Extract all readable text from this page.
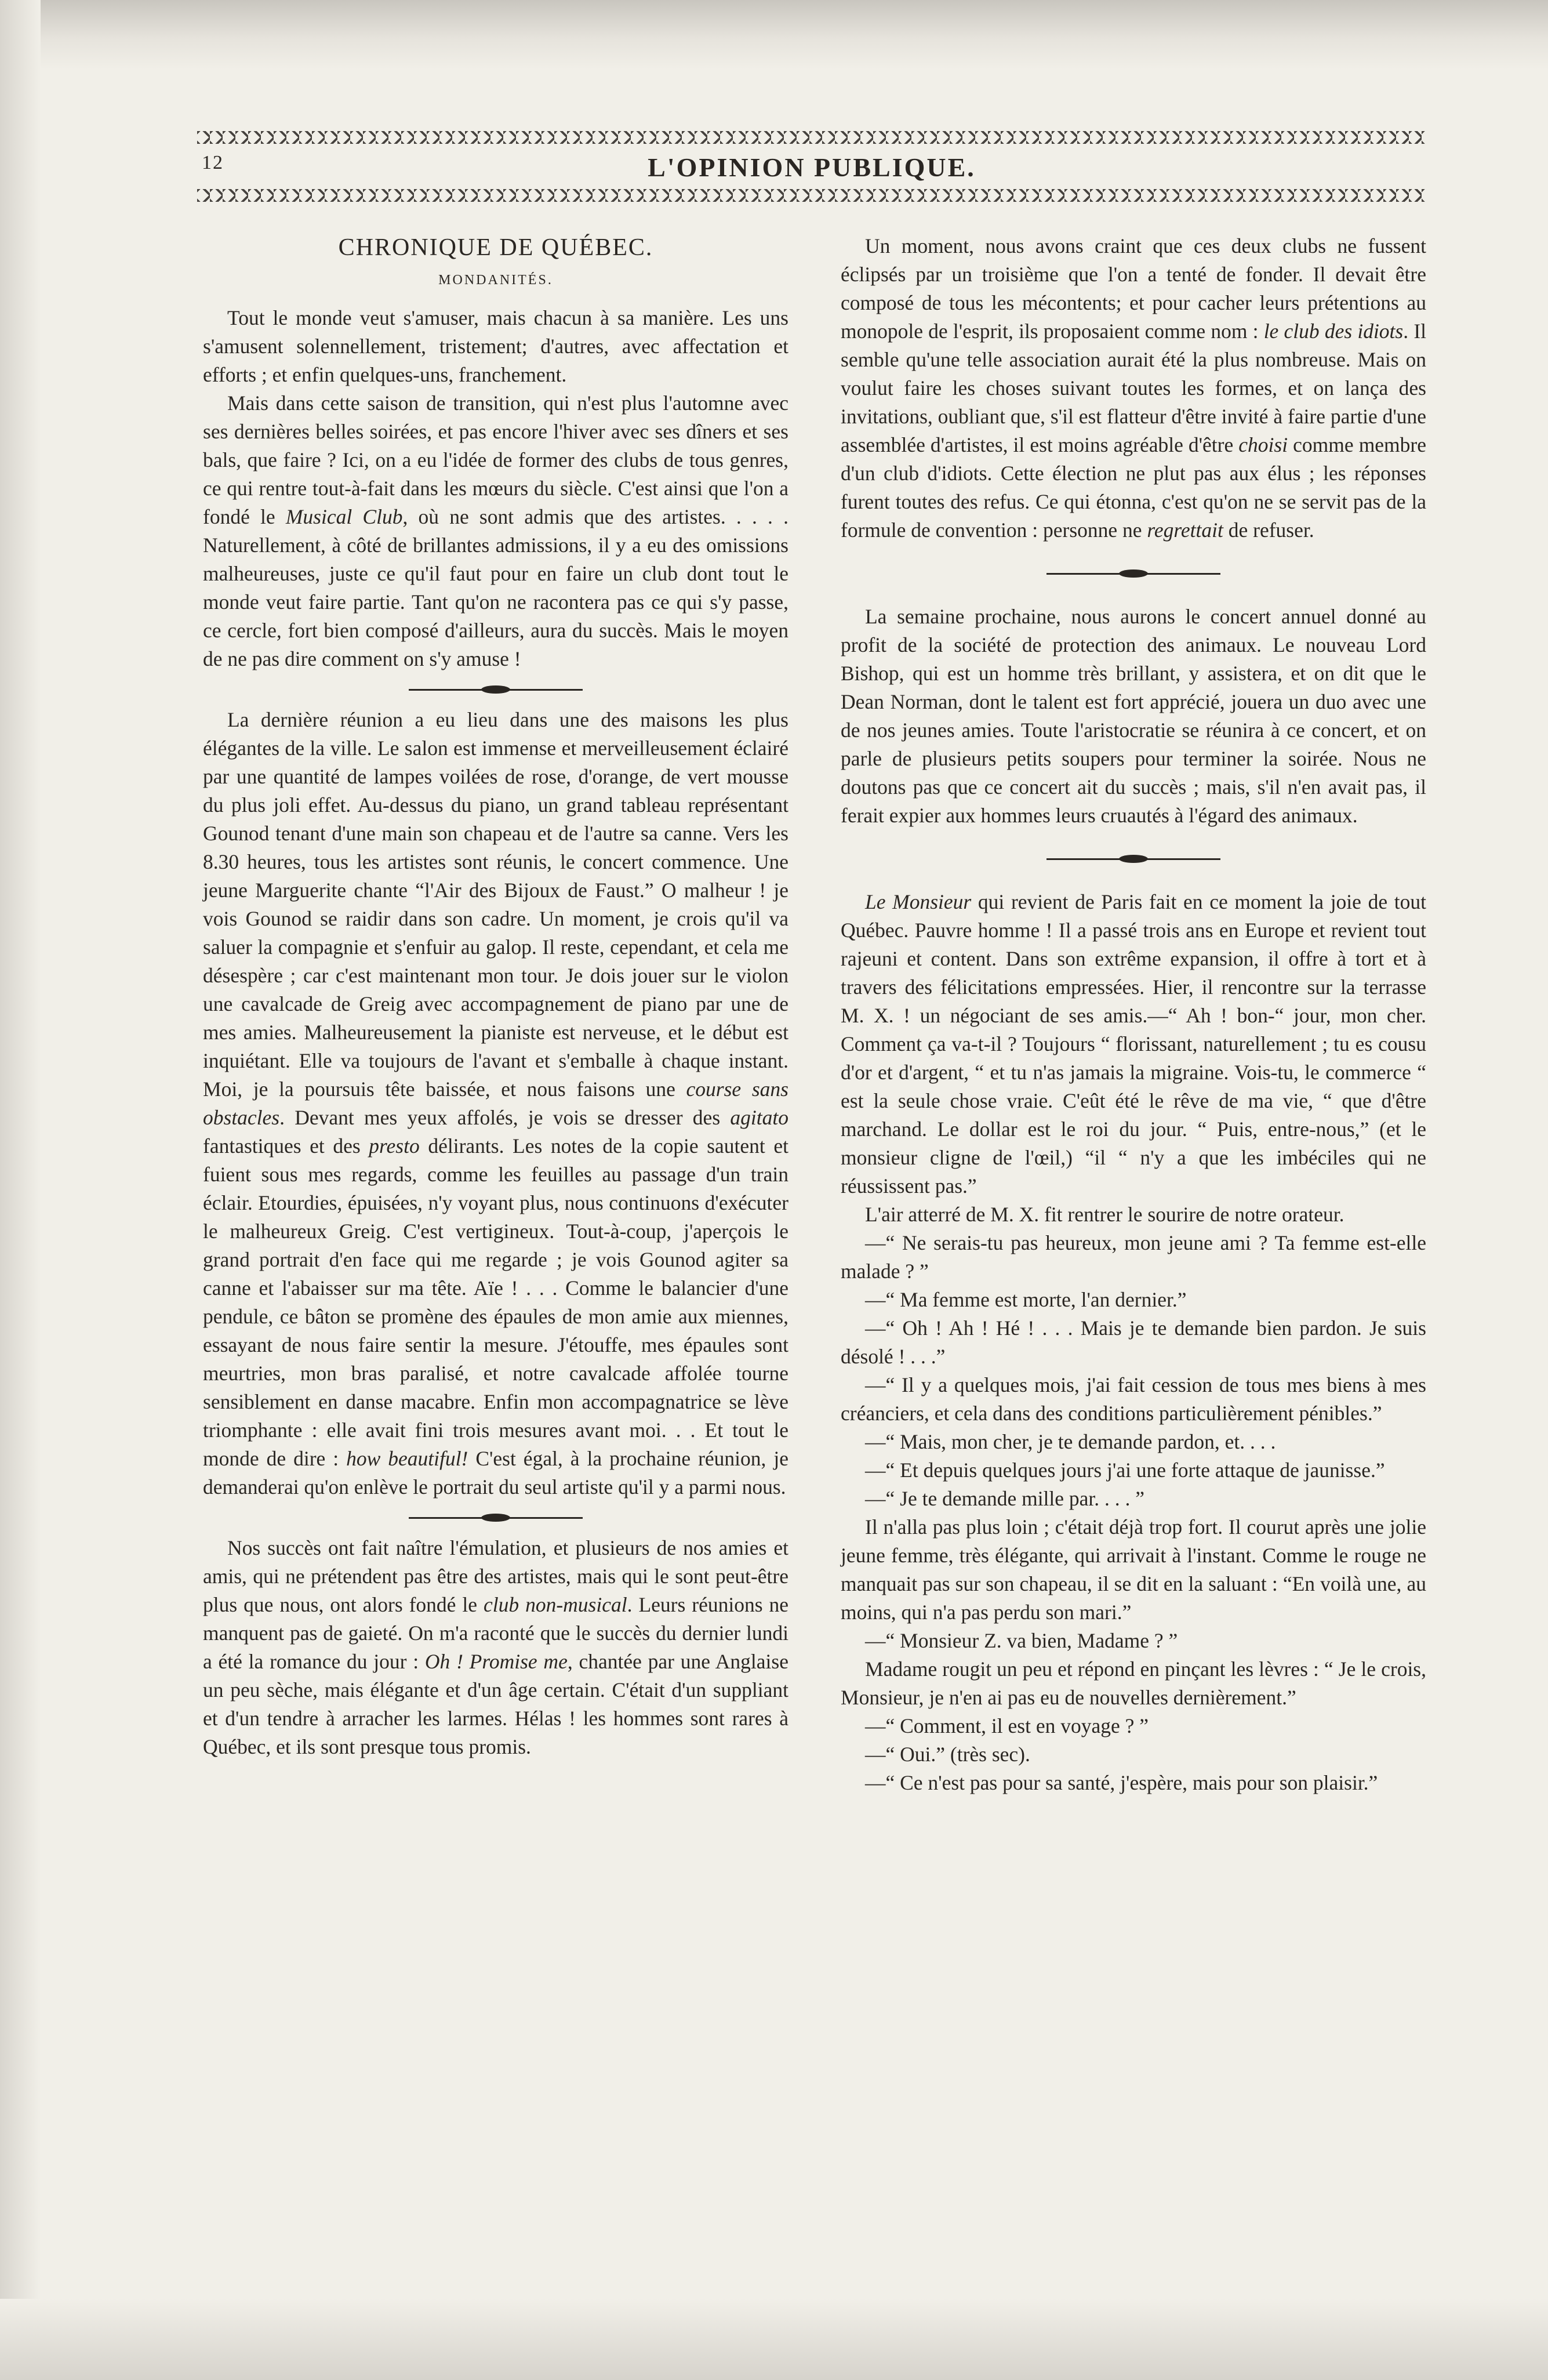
12	L'OPINION PUBLIQUE.
CHRONIQUE DE QUÉBEC.
MONDANITÉS.

Tout le monde veut s'amuser, mais chacun à sa manière. Les uns s'amusent solennellement, tristement; d'autres, avec affectation et efforts ; et enfin quelques-uns, franchement.

Mais dans cette saison de transition, qui n'est plus l'automne avec ses dernières belles soirées, et pas encore l'hiver avec ses dîners et ses bals, que faire ? Ici, on a eu l'idée de former des clubs de tous genres, ce qui rentre tout-à-fait dans les mœurs du siècle. C'est ainsi que l'on a fondé le Musical Club, où ne sont admis que des artistes. . . . . Naturellement, à côté de brillantes admissions, il y a eu des omissions malheureuses, juste ce qu'il faut pour en faire un club dont tout le monde veut faire partie. Tant qu'on ne racontera pas ce qui s'y passe, ce cercle, fort bien composé d'ailleurs, aura du succès. Mais le moyen de ne pas dire comment on s'y amuse !

La dernière réunion a eu lieu dans une des maisons les plus élégantes de la ville. Le salon est immense et merveilleusement éclairé par une quantité de lampes voilées de rose, d'orange, de vert mousse du plus joli effet. Au-dessus du piano, un grand tableau représentant Gounod tenant d'une main son chapeau et de l'autre sa canne. Vers les 8.30 heures, tous les artistes sont réunis, le concert commence. Une jeune Marguerite chante “l'Air des Bijoux de Faust.” O malheur ! je vois Gounod se raidir dans son cadre. Un moment, je crois qu'il va saluer la compagnie et s'enfuir au galop. Il reste, cependant, et cela me désespère ; car c'est maintenant mon tour. Je dois jouer sur le violon une cavalcade de Greig avec accompagnement de piano par une de mes amies. Malheureusement la pianiste est nerveuse, et le début est inquiétant. Elle va toujours de l'avant et s'emballe à chaque instant. Moi, je la poursuis tête baissée, et nous faisons une course sans obstacles. Devant mes yeux affolés, je vois se dresser des agitato fantastiques et des presto délirants. Les notes de la copie sautent et fuient sous mes regards, comme les feuilles au passage d'un train éclair. Etourdies, épuisées, n'y voyant plus, nous continuons d'exécuter le malheureux Greig. C'est vertigineux. Tout-à-coup, j'aperçois le grand portrait d'en face qui me regarde ; je vois Gounod agiter sa canne et l'abaisser sur ma tête. Aïe ! . . . Comme le balancier d'une pendule, ce bâton se promène des épaules de mon amie aux miennes, essayant de nous faire sentir la mesure. J'étouffe, mes épaules sont meurtries, mon bras paralisé, et notre cavalcade affolée tourne sensiblement en danse macabre. Enfin mon accompagnatrice se lève triomphante : elle avait fini trois mesures avant moi. . . Et tout le monde de dire : how beautiful! C'est égal, à la prochaine réunion, je demanderai qu'on enlève le portrait du seul artiste qu'il y a parmi nous.

Nos succès ont fait naître l'émulation, et plusieurs de nos amies et amis, qui ne prétendent pas être des artistes, mais qui le sont peut-être plus que nous, ont alors fondé le club non-musical. Leurs réunions ne manquent pas de gaieté. On m'a raconté que le succès du dernier lundi a été la romance du jour : Oh ! Promise me, chantée par une Anglaise un peu sèche, mais élégante et d'un âge certain. C'était d'un suppliant et d'un tendre à arracher les larmes. Hélas ! les hommes sont rares à Québec, et ils sont presque tous promis.

Un moment, nous avons craint que ces deux clubs ne fussent éclipsés par un troisième que l'on a tenté de fonder. Il devait être composé de tous les mécontents; et pour cacher leurs prétentions au monopole de l'esprit, ils proposaient comme nom : le club des idiots. Il semble qu'une telle association aurait été la plus nombreuse. Mais on voulut faire les choses suivant toutes les formes, et on lança des invitations, oubliant que, s'il est flatteur d'être invité à faire partie d'une assemblée d'artistes, il est moins agréable d'être choisi comme membre d'un club d'idiots. Cette élection ne plut pas aux élus ; les réponses furent toutes des refus. Ce qui étonna, c'est qu'on ne se servit pas de la formule de convention : personne ne regrettait de refuser.

La semaine prochaine, nous aurons le concert annuel donné au profit de la société de protection des animaux. Le nouveau Lord Bishop, qui est un homme très brillant, y assistera, et on dit que le Dean Norman, dont le talent est fort apprécié, jouera un duo avec une de nos jeunes amies. Toute l'aristocratie se réunira à ce concert, et on parle de plusieurs petits soupers pour terminer la soirée. Nous ne doutons pas que ce concert ait du succès ; mais, s'il n'en avait pas, il ferait expier aux hommes leurs cruautés à l'égard des animaux.

Le Monsieur qui revient de Paris fait en ce moment la joie de tout Québec. Pauvre homme ! Il a passé trois ans en Europe et revient tout rajeuni et content. Dans son extrême expansion, il offre à tort et à travers des félicitations empressées. Hier, il rencontre sur la terrasse M. X. ! un négociant de ses amis.—“ Ah ! bon-“ jour, mon cher. Comment ça va-t-il ? Toujours “ florissant, naturellement ; tu es cousu d'or et d'argent, “ et tu n'as jamais la migraine. Vois-tu, le commerce “ est la seule chose vraie. C'eût été le rêve de ma vie, “ que d'être marchand. Le dollar est le roi du jour. “ Puis, entre-nous,” (et le monsieur cligne de l'œil,) “il “ n'y a que les imbéciles qui ne réussissent pas.”

L'air atterré de M. X. fit rentrer le sourire de notre orateur.

—“ Ne serais-tu pas heureux, mon jeune ami ? Ta femme est-elle malade ? ”

—“ Ma femme est morte, l'an dernier.”

—“ Oh ! Ah ! Hé ! . . . Mais je te demande bien pardon. Je suis désolé ! . . .”

—“ Il y a quelques mois, j'ai fait cession de tous mes biens à mes créanciers, et cela dans des conditions particulièrement pénibles.”

—“ Mais, mon cher, je te demande pardon, et. . . .

—“ Et depuis quelques jours j'ai une forte attaque de jaunisse.”

—“ Je te demande mille par. . . . ”

Il n'alla pas plus loin ; c'était déjà trop fort. Il courut après une jolie jeune femme, très élégante, qui arrivait à l'instant. Comme le rouge ne manquait pas sur son chapeau, il se dit en la saluant : “En voilà une, au moins, qui n'a pas perdu son mari.”

—“ Monsieur Z. va bien, Madame ? ”

Madame rougit un peu et répond en pinçant les lèvres : “ Je le crois, Monsieur, je n'en ai pas eu de nouvelles dernièrement.”

—“ Comment, il est en voyage ? ”

—“ Oui.” (très sec).

—“ Ce n'est pas pour sa santé, j'espère, mais pour son plaisir.”
